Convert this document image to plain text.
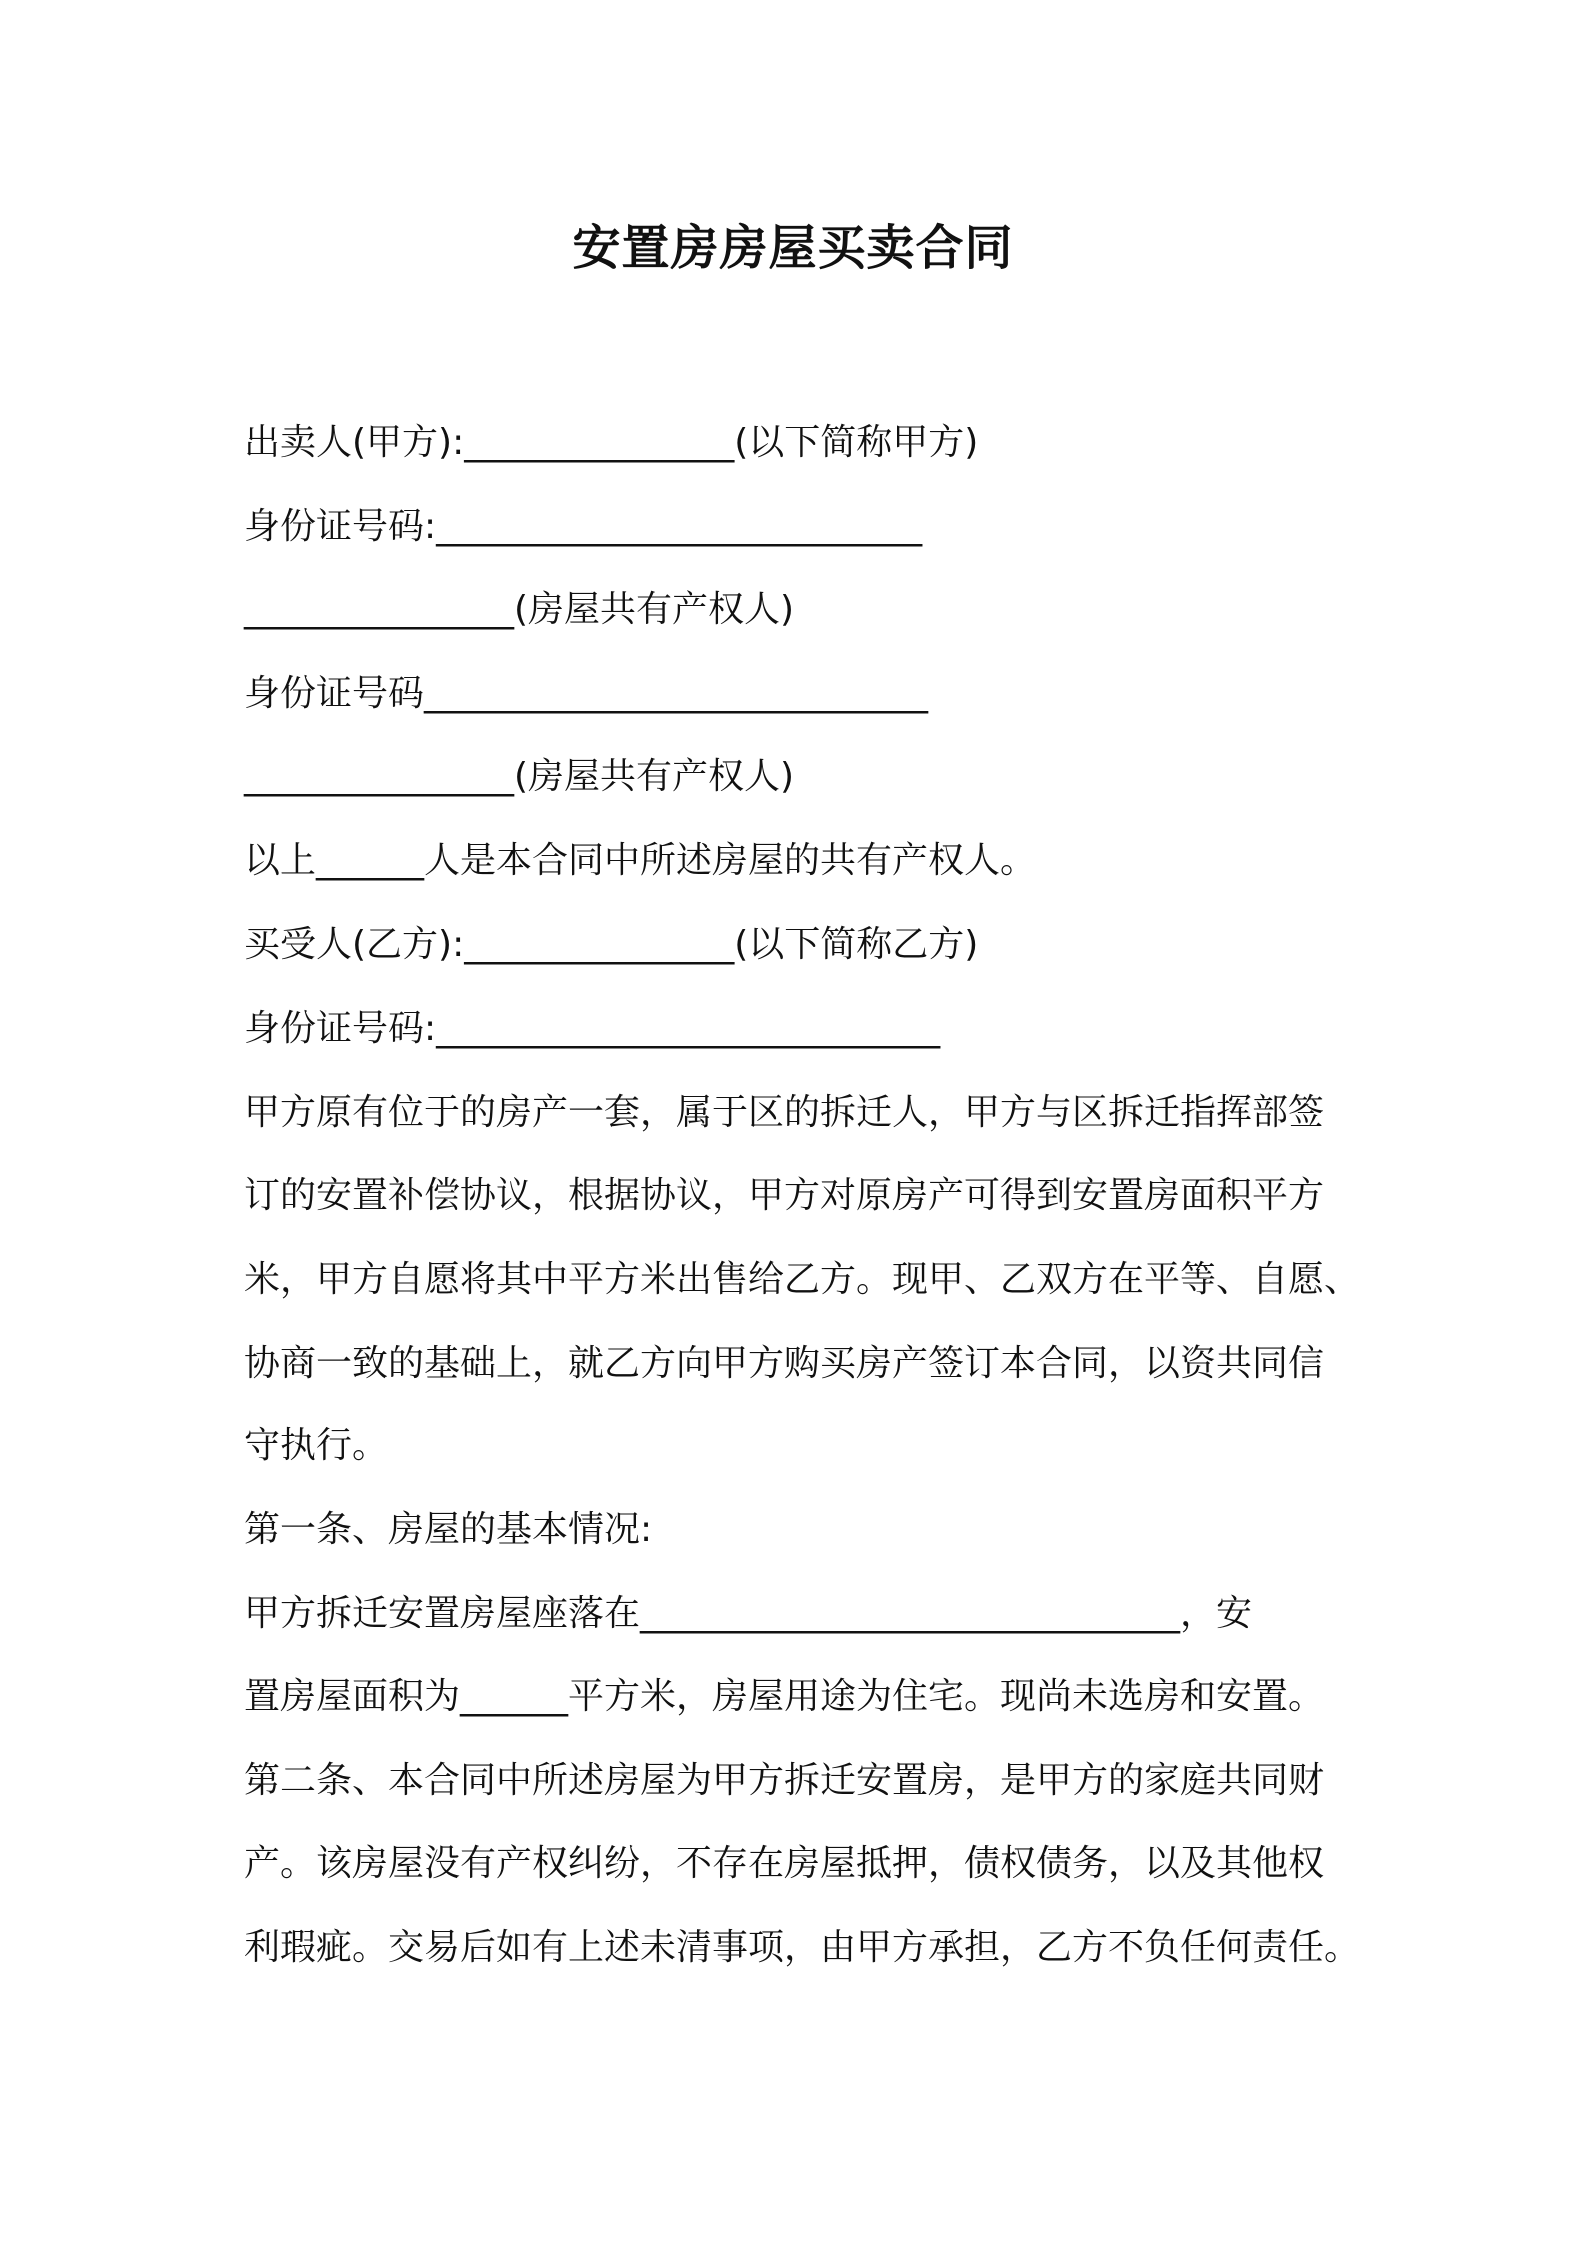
安置房房屋买卖合同
出卖人(甲方):_______________(以下简称甲方)
身份证号码:___________________________
_______________(房屋共有产权人)
身份证号码____________________________
_______________(房屋共有产权人)
以上______人是本合同中所述房屋的共有产权人。
买受人(乙方):_______________(以下简称乙方)
身份证号码:____________________________
甲方原有位于的房产一套，属于区的拆迁人，甲方与区拆迁指挥部签
订的安置补偿协议，根据协议，甲方对原房产可得到安置房面积平方
米，甲方自愿将其中平方米出售给乙方。现甲、乙双方在平等、自愿、
协商一致的基础上，就乙方向甲方购买房产签订本合同，以资共同信
守执行。
第一条、房屋的基本情况:
甲方拆迁安置房屋座落在______________________________，安
置房屋面积为______平方米，房屋用途为住宅。现尚未选房和安置。
第二条、本合同中所述房屋为甲方拆迁安置房，是甲方的家庭共同财
产。该房屋没有产权纠纷，不存在房屋抵押，债权债务，以及其他权
利瑕疵。交易后如有上述未清事项，由甲方承担，乙方不负任何责任。
